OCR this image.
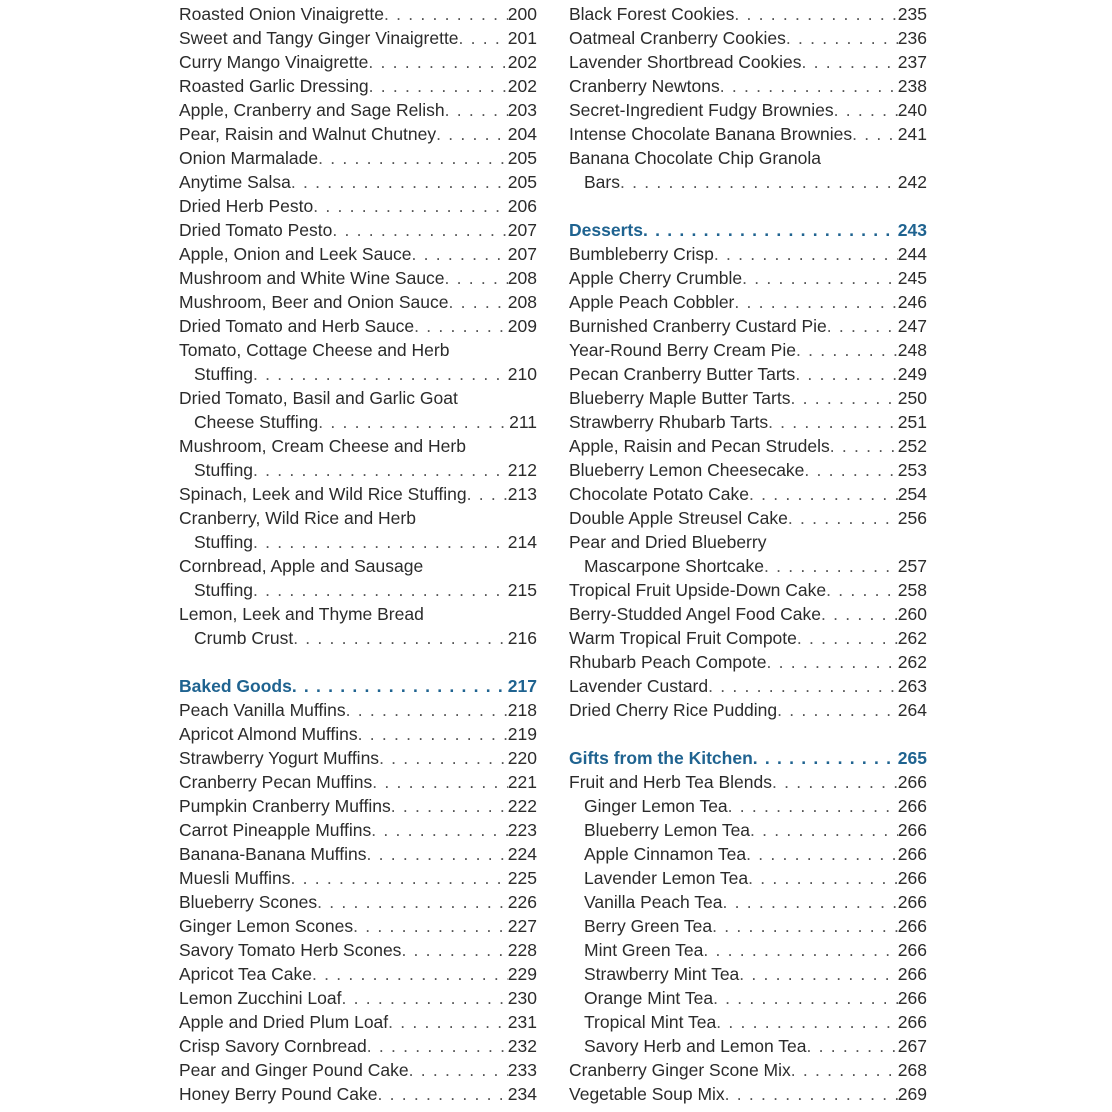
Roasted Onion Vinaigrette . . .	200
Sweet and Tangy Ginger Vinaigrette . . .	201
Curry Mango Vinaigrette . . .	202
Roasted Garlic Dressing . . .	202
Apple, Cranberry and Sage Relish . . .	203
Pear, Raisin and Walnut Chutney . . .	204
Onion Marmalade . . .	205
Anytime Salsa . . .	205
Dried Herb Pesto . . .	206
Dried Tomato Pesto . . .	207
Apple, Onion and Leek Sauce . . .	207
Mushroom and White Wine Sauce . . .	208
Mushroom, Beer and Onion Sauce . . .	208
Dried Tomato and Herb Sauce . . .	209
Tomato, Cottage Cheese and Herb
Stuffing . . .	210
Dried Tomato, Basil and Garlic Goat
Cheese Stuffing . . .	211
Mushroom, Cream Cheese and Herb
Stuffing . . .	212
Spinach, Leek and Wild Rice Stuffing . . . 213
Cranberry, Wild Rice and Herb
Stuffing . . .	214
Cornbread, Apple and Sausage
Stuffing . . .	215
Lemon, Leek and Thyme Bread
Crumb Crust . . .	216
Baked Goods . . .	217
Peach Vanilla Muffins . . .	218
Apricot Almond Muffins . . .	219
Strawberry Yogurt Muffins . . .	220
Cranberry Pecan Muffins . . .	221
Pumpkin Cranberry Muffins . . .	222
Carrot Pineapple Muffins . . .	223
Banana-Banana Muffins . . .	224
Muesli Muffins . . .	225
Blueberry Scones . . .	226
Ginger Lemon Scones . . .	227
Savory Tomato Herb Scones . . .	228
Apricot Tea Cake . . .	229
Lemon Zucchini Loaf . . .	230
Apple and Dried Plum Loaf . . .	231
Crisp Savory Cornbread . . .	232
Pear and Ginger Pound Cake . . .	233
Honey Berry Pound Cake . . .	234
Black Forest Cookies . . .	235
Oatmeal Cranberry Cookies . . .	236
Lavender Shortbread Cookies . . .	237
Cranberry Newtons . . .	238
Secret-Ingredient Fudgy Brownies . . .	240
Intense Chocolate Banana Brownies . . .	241
Banana Chocolate Chip Granola
Bars . . .	242
Desserts . . .	243
Bumbleberry Crisp . . .	244
Apple Cherry Crumble . . .	245
Apple Peach Cobbler . . .	246
Burnished Cranberry Custard Pie . . .	247
Year-Round Berry Cream Pie . . .	248
Pecan Cranberry Butter Tarts . . .	249
Blueberry Maple Butter Tarts . . .	250
Strawberry Rhubarb Tarts . . .	251
Apple, Raisin and Pecan Strudels . . .	252
Blueberry Lemon Cheesecake . . .	253
Chocolate Potato Cake . . .	254
Double Apple Streusel Cake . . .	256
Pear and Dried Blueberry
Mascarpone Shortcake . . .	257
Tropical Fruit Upside-Down Cake . . .	258
Berry-Studded Angel Food Cake . . .	260
Warm Tropical Fruit Compote . . .	262
Rhubarb Peach Compote . . .	262
Lavender Custard . . .	263
Dried Cherry Rice Pudding . . .	264
Gifts from the Kitchen . . .	265
Fruit and Herb Tea Blends . . .	266
Ginger Lemon Tea . . .	266
Blueberry Lemon Tea . . .	266
Apple Cinnamon Tea . . .	266
Lavender Lemon Tea . . .	266
Vanilla Peach Tea . . .	266
Berry Green Tea . . .	266
Mint Green Tea . . .	266
Strawberry Mint Tea . . .	266
Orange Mint Tea . . .	266
Tropical Mint Tea . . .	266
Savory Herb and Lemon Tea . . .	267
Cranberry Ginger Scone Mix . . .	268
Vegetable Soup Mix . . .	269
